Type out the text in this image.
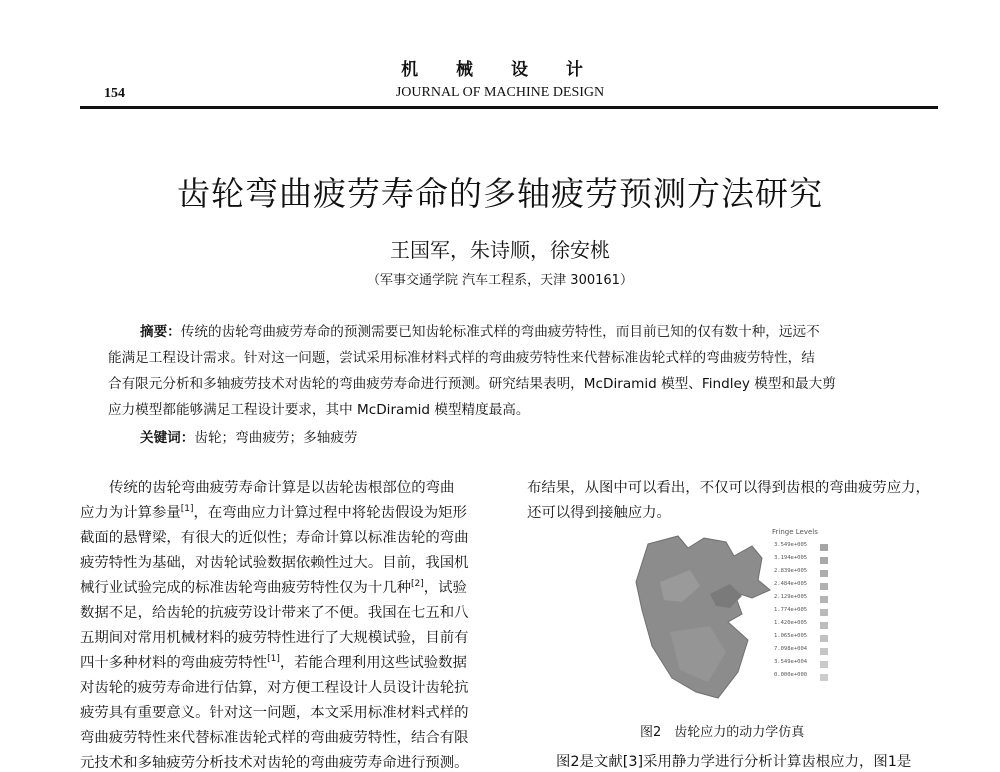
机 械 设 计
154	JOURNAL OF MACHINE DESIGN
齿轮弯曲疲劳寿命的多轴疲劳预测方法研究
王国军，朱诗顺，徐安桃
（军事交通学院 汽车工程系，天津 300161）
摘要：传统的齿轮弯曲疲劳寿命的预测需要已知齿轮标准式样的弯曲疲劳特性，而目前已知的仅有数十种，远远不
能满足工程设计需求。针对这一问题，尝试采用标准材料式样的弯曲疲劳特性来代替标准齿轮式样的弯曲疲劳特性，结
合有限元分析和多轴疲劳技术对齿轮的弯曲疲劳寿命进行预测。研究结果表明，McDiramid 模型、Findley 模型和最大剪
应力模型都能够满足工程设计要求，其中 McDiramid 模型精度最高。
关键词：齿轮；弯曲疲劳；多轴疲劳
传统的齿轮弯曲疲劳寿命计算是以齿轮齿根部位的弯曲
应力为计算参量[1]，在弯曲应力计算过程中将轮齿假设为矩形
截面的悬臂梁，有很大的近似性；寿命计算以标准齿轮的弯曲
疲劳特性为基础，对齿轮试验数据依赖性过大。目前，我国机
械行业试验完成的标准齿轮弯曲疲劳特性仅为十几种[2]，试验
数据不足，给齿轮的抗疲劳设计带来了不便。我国在七五和八
五期间对常用机械材料的疲劳特性进行了大规模试验，目前有
四十多种材料的弯曲疲劳特性[1]，若能合理利用这些试验数据
对齿轮的疲劳寿命进行估算，对方便工程设计人员设计齿轮抗
疲劳具有重要意义。针对这一问题，本文采用标准材料式样的
弯曲疲劳特性来代替标准齿轮式样的弯曲疲劳特性，结合有限
元技术和多轴疲劳分析技术对齿轮的弯曲疲劳寿命进行预测。
布结果，从图中可以看出，不仅可以得到齿根的弯曲疲劳应力，
还可以得到接触应力。
图2是文献[3]采用静力学进行分析计算齿根应力，图1是
Fringe Levels
3.549e+005
3.194e+005
2.839e+005
2.484e+005
2.129e+005
1.774e+005
1.420e+005
1.065e+005
7.098e+004
3.549e+004
0.000e+000
图2　齿轮应力的动力学仿真
